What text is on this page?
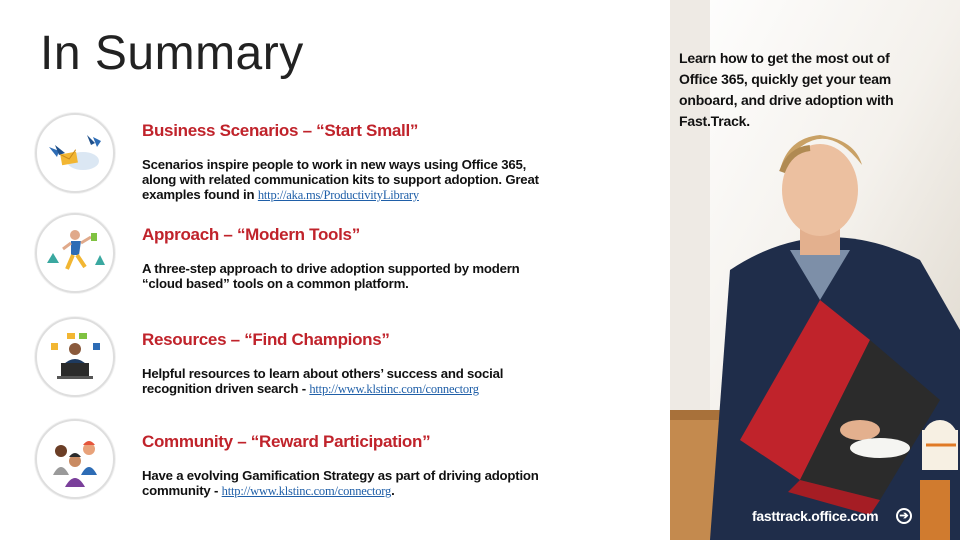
In Summary
Business Scenarios – “Start Small”
Scenarios inspire people to work in new ways using Office 365, along with related communication kits to support adoption. Great examples found in http://aka.ms/ProductivityLibrary
Approach – “Modern Tools”
A three-step approach to drive adoption supported by modern “cloud based” tools on a common platform.
Resources – “Find Champions”
Helpful resources to learn about others’ success and social recognition driven search - http://www.klstinc.com/connectorg
Community – “Reward Participation”
Have a evolving Gamification Strategy as part of driving adoption community - http://www.klstinc.com/connectorg.
Learn how to get the most out of Office 365, quickly get your team onboard, and drive adoption with Fast.Track.
fasttrack.office.com	➔
